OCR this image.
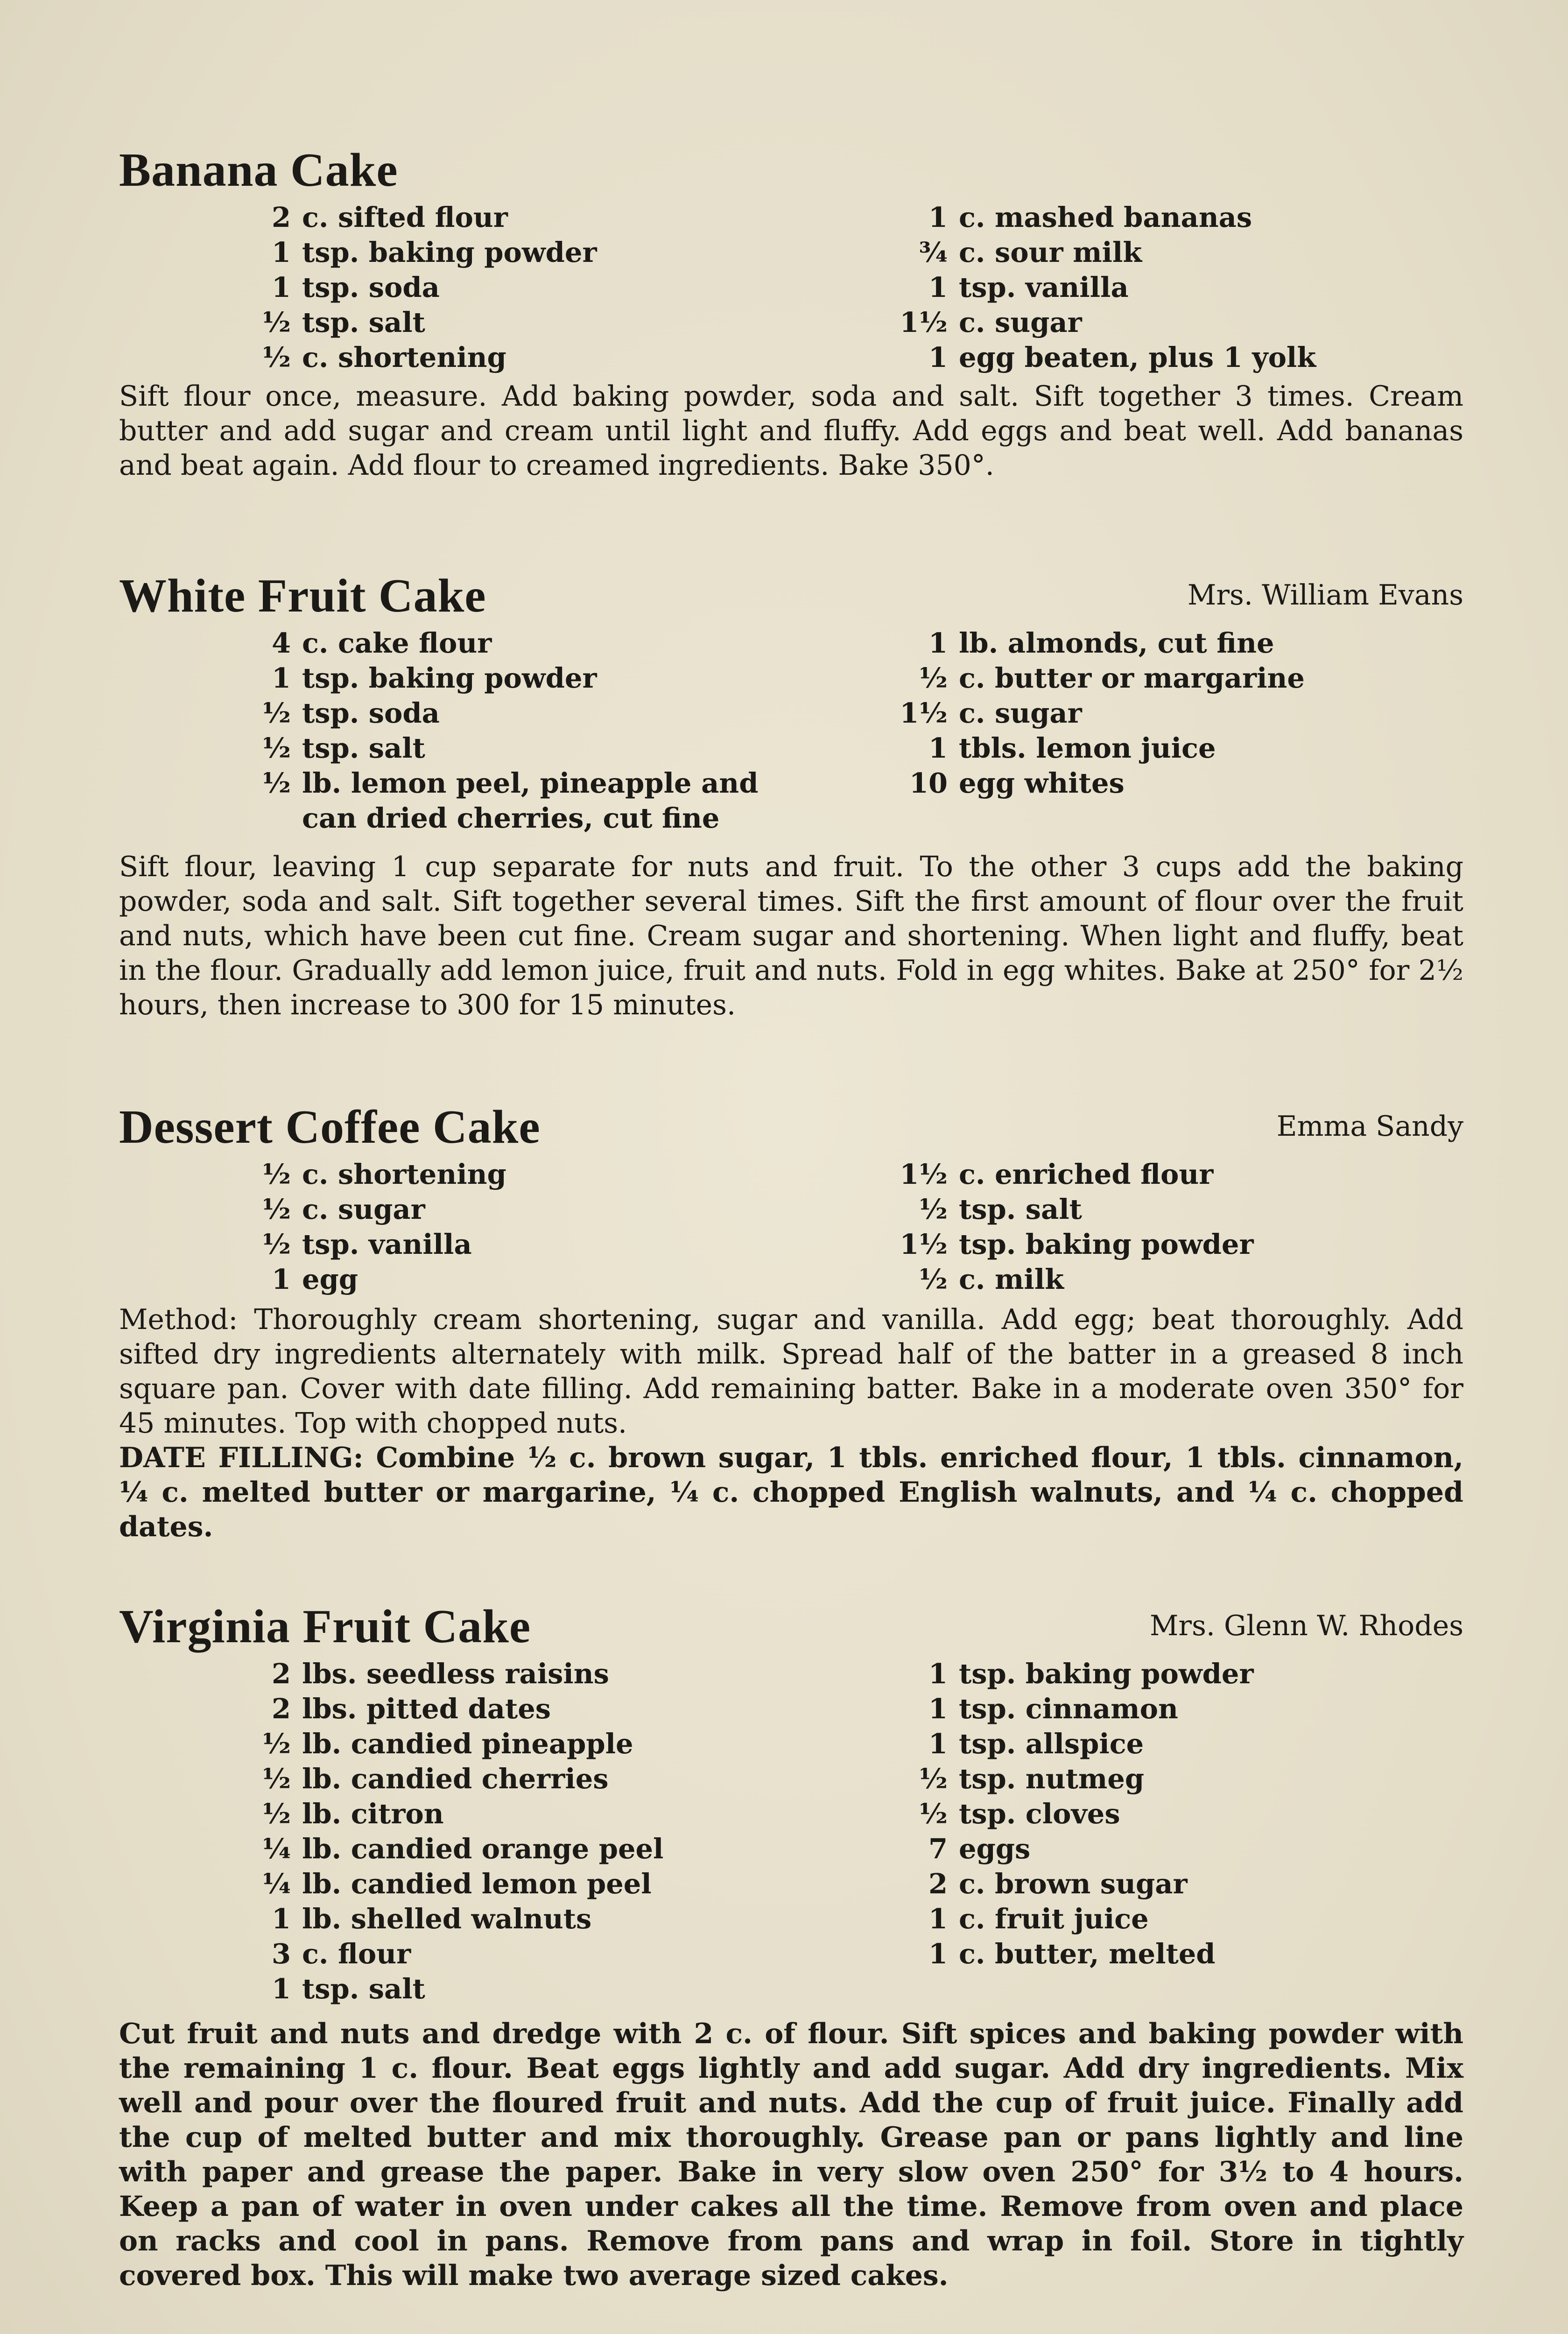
Banana Cake
2 c. sifted flour
1 tsp. baking powder
1 tsp. soda
½ tsp. salt
½ c. shortening
1 c. mashed bananas
¾ c. sour milk
1 tsp. vanilla
1½ c. sugar
1 egg beaten, plus 1 yolk
Sift flour once, measure. Add baking powder, soda and salt. Sift together 3 times. Cream butter and add sugar and cream until light and fluffy. Add eggs and beat well. Add bananas and beat again. Add flour to creamed ingredients. Bake 350°.
White Fruit Cake	Mrs. William Evans
4 c. cake flour
1 tsp. baking powder
½ tsp. soda
½ tsp. salt
½ lb. lemon peel, pineapple and
can dried cherries, cut fine
1 lb. almonds, cut fine
½ c. butter or margarine
1½ c. sugar
1 tbls. lemon juice
10 egg whites
Sift flour, leaving 1 cup separate for nuts and fruit. To the other 3 cups add the baking powder, soda and salt. Sift together several times. Sift the first amount of flour over the fruit and nuts, which have been cut fine. Cream sugar and shortening. When light and fluffy, beat in the flour. Gradually add lemon juice, fruit and nuts. Fold in egg whites. Bake at 250° for 2½ hours, then increase to 300 for 15 minutes.
Dessert Coffee Cake	Emma Sandy
½ c. shortening
½ c. sugar
½ tsp. vanilla
1 egg
1½ c. enriched flour
½ tsp. salt
1½ tsp. baking powder
½ c. milk
Method: Thoroughly cream shortening, sugar and vanilla. Add egg; beat thoroughly. Add sifted dry ingredients alternately with milk. Spread half of the batter in a greased 8 inch square pan. Cover with date filling. Add remaining batter. Bake in a moderate oven 350° for 45 minutes. Top with chopped nuts.
DATE FILLING: Combine ½ c. brown sugar, 1 tbls. enriched flour, 1 tbls. cinnamon, ¼ c. melted butter or margarine, ¼ c. chopped English walnuts, and ¼ c. chopped dates.
Virginia Fruit Cake	Mrs. Glenn W. Rhodes
2 lbs. seedless raisins
2 lbs. pitted dates
½ lb. candied pineapple
½ lb. candied cherries
½ lb. citron
¼ lb. candied orange peel
¼ lb. candied lemon peel
1 lb. shelled walnuts
3 c. flour
1 tsp. salt
1 tsp. baking powder
1 tsp. cinnamon
1 tsp. allspice
½ tsp. nutmeg
½ tsp. cloves
7 eggs
2 c. brown sugar
1 c. fruit juice
1 c. butter, melted
Cut fruit and nuts and dredge with 2 c. of flour. Sift spices and baking powder with the remaining 1 c. flour. Beat eggs lightly and add sugar. Add dry ingredients. Mix well and pour over the floured fruit and nuts. Add the cup of fruit juice. Finally add the cup of melted butter and mix thoroughly. Grease pan or pans lightly and line with paper and grease the paper. Bake in very slow oven 250° for 3½ to 4 hours. Keep a pan of water in oven under cakes all the time. Remove from oven and place on racks and cool in pans. Remove from pans and wrap in foil. Store in tightly covered box. This will make two average sized cakes.
